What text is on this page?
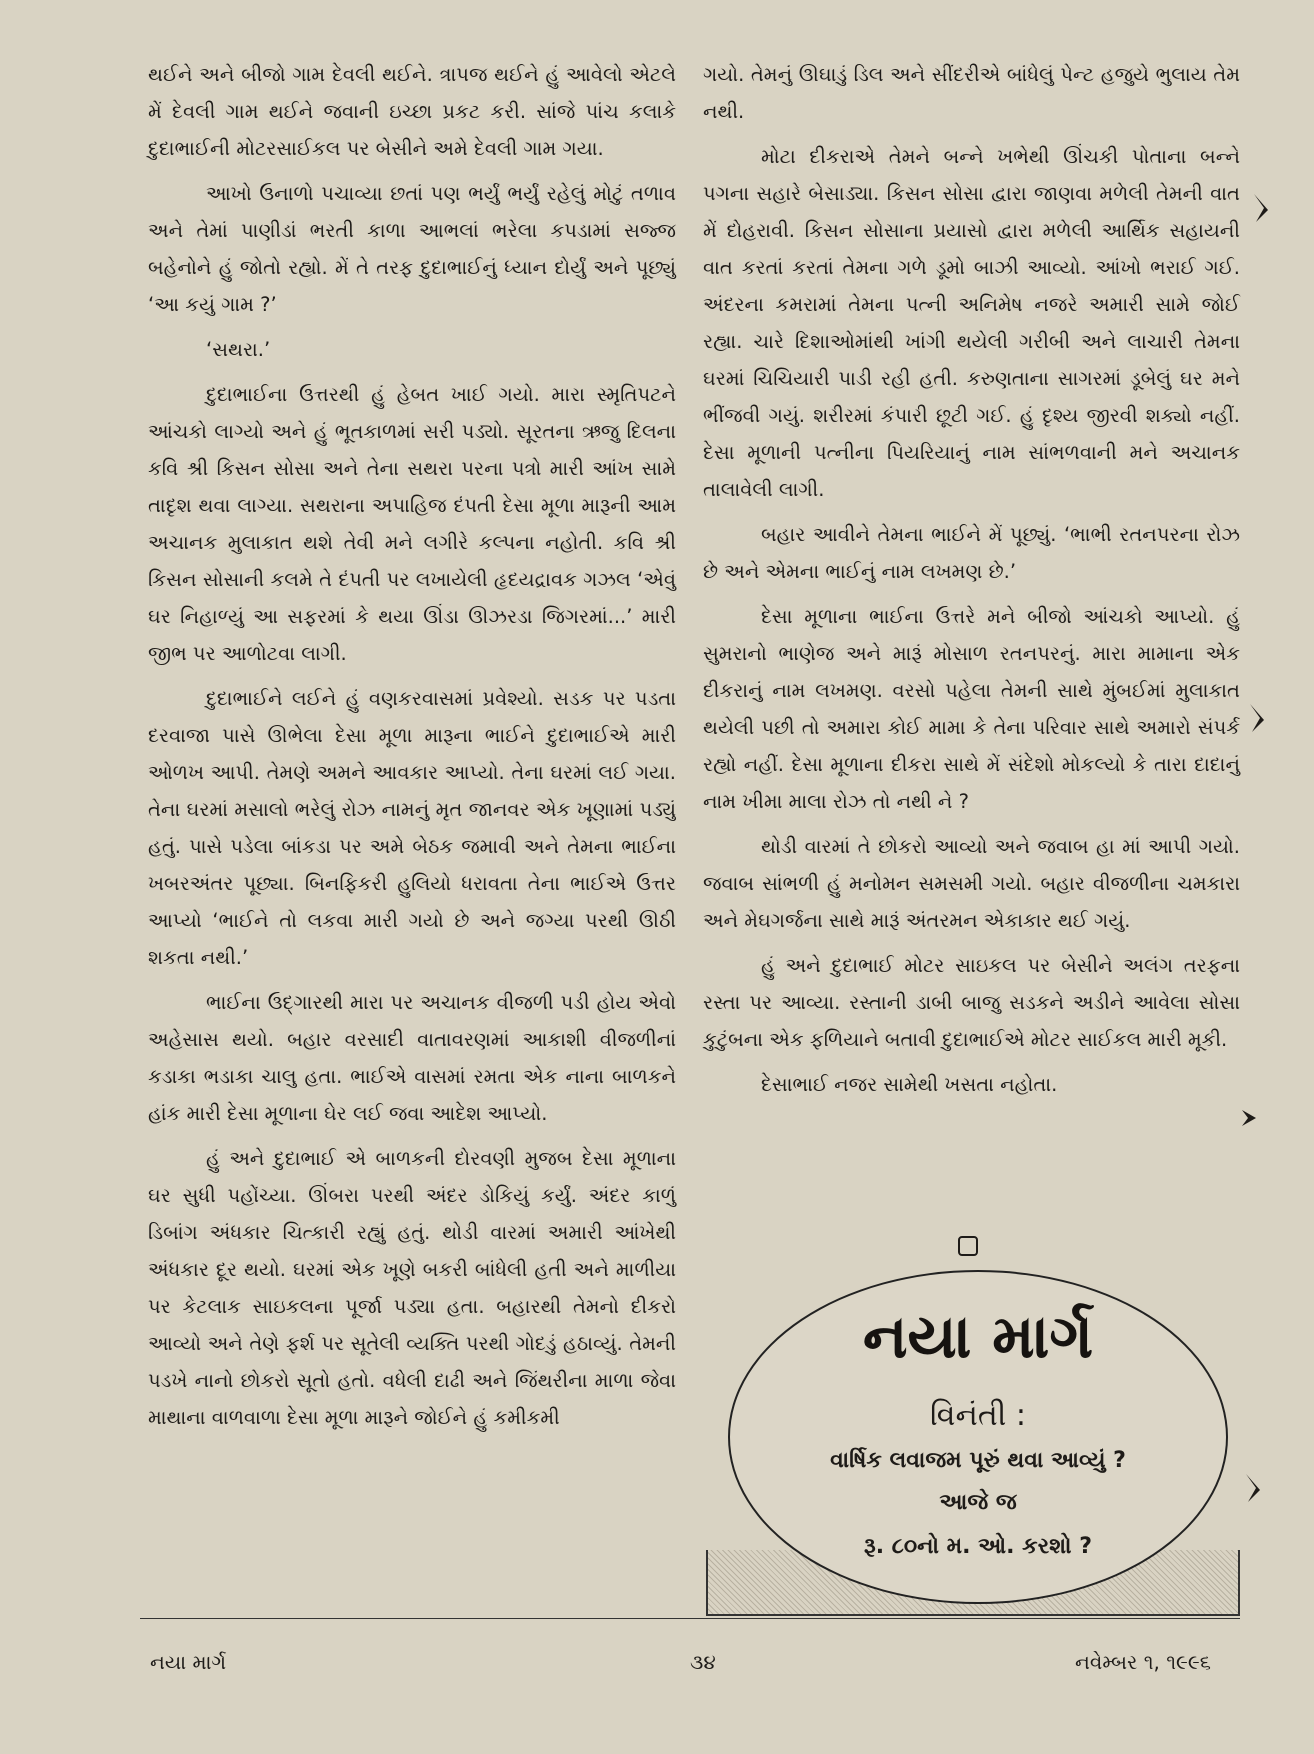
થઈને અને બીજો ગામ દેવલી થઈને. ત્રાપજ થઈને હું આવેલો એટલે મેં દેવલી ગામ થઈને જવાની ઇચ્છા પ્રકટ કરી. સાંજે પાંચ કલાકે દુદાભાઈની મોટરસાઈકલ પર બેસીને અમે દેવલી ગામ ગયા.

આખો ઉનાળો પચાવ્યા છતાં પણ ભર્યું ભર્યું રહેલું મોટું તળાવ અને તેમાં પાણીડાં ભરતી કાળા આભલાં ભરેલા કપડામાં સજ્જ બહેનોને હું જોતો રહ્યો. મેં તે તરફ દુદાભાઈનું ધ્યાન દોર્યું અને પૂછ્યું ‘આ કયું ગામ ?’

‘સથરા.’

દુદાભાઈના ઉત્તરથી હું હેબત ખાઈ ગયો. મારા સ્મૃતિપટને આંચકો લાગ્યો અને હું ભૂતકાળમાં સરી પડ્યો. સૂરતના ઋજુ દિલના કવિ શ્રી કિસન સોસા અને તેના સથરા પરના પત્રો મારી આંખ સામે તાદૃશ થવા લાગ્યા. સથરાના અપાહિજ દંપતી દેસા મૂળા મારૂની આમ અચાનક મુલાકાત થશે તેવી મને લગીરે કલ્પના નહોતી. કવિ શ્રી કિસન સોસાની કલમે તે દંપતી પર લખાયેલી હૃદયદ્રાવક ગઝલ ‘એવું ઘર નિહાળ્યું આ સફરમાં કે થયા ઊંડા ઊઝરડા જિગરમાં...’ મારી જીભ પર આળોટવા લાગી.

દુદાભાઈને લઈને હું વણકરવાસમાં પ્રવેશ્યો. સડક પર પડતા દરવાજા પાસે ઊભેલા દેસા મૂળા મારૂના ભાઈને દુદાભાઈએ મારી ઓળખ આપી. તેમણે અમને આવકાર આપ્યો. તેના ઘરમાં લઈ ગયા. તેના ઘરમાં મસાલો ભરેલું રોઝ નામનું મૃત જાનવર એક ખૂણામાં પડ્યું હતું. પાસે પડેલા બાંકડા પર અમે બેઠક જમાવી અને તેમના ભાઈના ખબરઅંતર પૂછ્યા. બિનફિકરી હુલિયો ધરાવતા તેના ભાઈએ ઉત્તર આપ્યો ‘ભાઈને તો લકવા મારી ગયો છે અને જગ્યા પરથી ઊઠી શકતા નથી.’

ભાઈના ઉદ્‌ગારથી મારા પર અચાનક વીજળી પડી હોય એવો અહેસાસ થયો. બહાર વરસાદી વાતાવરણમાં આકાશી વીજળીનાં કડાકા ભડાકા ચાલુ હતા. ભાઈએ વાસમાં રમતા એક નાના બાળકને હાંક મારી દેસા મૂળાના ઘેર લઈ જવા આદેશ આપ્યો.

હું અને દુદાભાઈ એ બાળકની દોરવણી મુજબ દેસા મૂળાના ઘર સુધી પહોંચ્યા. ઊંબરા પરથી અંદર ડોકિયું કર્યું. અંદર કાળું ડિબાંગ અંધકાર ચિત્કારી રહ્યું હતું. થોડી વારમાં અમારી આંખેથી અંધકાર દૂર થયો. ઘરમાં એક ખૂણે બકરી બાંધેલી હતી અને માળીયા પર કેટલાક સાઇકલના પૂર્જા પડ્યા હતા. બહારથી તેમનો દીકરો આવ્યો અને તેણે ફર્શ પર સૂતેલી વ્યક્તિ પરથી ગોદડું હઠાવ્યું. તેમની પડખે નાનો છોકરો સૂતો હતો. વધેલી દાઢી અને જિંથરીના માળા જેવા માથાના વાળવાળા દેસા મૂળા મારૂને જોઈને હું કમીકમી

ગયો. તેમનું ઊઘાડું ડિલ અને સીંદરીએ બાંધેલું પેન્ટ હજુયે ભુલાય તેમ નથી.

મોટા દીકરાએ તેમને બન્ને ખભેથી ઊંચકી પોતાના બન્ને પગના સહારે બેસાડ્યા. કિસન સોસા દ્વારા જાણવા મળેલી તેમની વાત મેં દોહરાવી. કિસન સોસાના પ્રયાસો દ્વારા મળેલી આર્થિક સહાયની વાત કરતાં કરતાં તેમના ગળે ડૂમો બાઝી આવ્યો. આંખો ભરાઈ ગઈ. અંદરના કમરામાં તેમના પત્ની અનિમેષ નજરે અમારી સામે જોઈ રહ્યા. ચારે દિશાઓમાંથી ખાંગી થયેલી ગરીબી અને લાચારી તેમના ઘરમાં ચિચિયારી પાડી રહી હતી. કરુણતાના સાગરમાં ડૂબેલું ઘર મને ભીંજવી ગયું. શરીરમાં કંપારી છૂટી ગઈ. હું દૃશ્ય જીરવી શક્યો નહીં. દેસા મૂળાની પત્નીના પિયરિયાનું નામ સાંભળવાની મને અચાનક તાલાવેલી લાગી.

બહાર આવીને તેમના ભાઈને મેં પૂછ્યું. ‘ભાભી રતનપરના રોઝ છે અને એમના ભાઈનું નામ લખમણ છે.’

દેસા મૂળાના ભાઈના ઉત્તરે મને બીજો આંચકો આપ્યો. હું સુમરાનો ભાણેજ અને મારૂં મોસાળ રતનપરનું. મારા મામાના એક દીકરાનું નામ લખમણ. વરસો પહેલા તેમની સાથે મુંબઈમાં મુલાકાત થયેલી પછી તો અમારા કોઈ મામા કે તેના પરિવાર સાથે અમારો સંપર્ક રહ્યો નહીં. દેસા મૂળાના દીકરા સાથે મેં સંદેશો મોકલ્યો કે તારા દાદાનું નામ ખીમા માલા રોઝ તો નથી ને ?

થોડી વારમાં તે છોકરો આવ્યો અને જવાબ હા માં આપી ગયો. જવાબ સાંભળી હું મનોમન સમસમી ગયો. બહાર વીજળીના ચમકારા અને મેઘગર્જના સાથે મારૂં અંતરમન એકાકાર થઈ ગયું.

હું અને દુદાભાઈ મોટર સાઇકલ પર બેસીને અલંગ તરફના રસ્તા પર આવ્યા. રસ્તાની ડાબી બાજુ સડકને અડીને આવેલા સોસા કુટુંબના એક ફળિયાને બતાવી દુદાભાઈએ મોટર સાઈકલ મારી મૂકી.

દેસાભાઈ નજર સામેથી ખસતા નહોતા.

નયા માર્ગ
વિનંતી :
વાર્ષિક લવાજમ પૂરું થવા આવ્યું ?
આજે જ
રૂ. ૮૦નો મ. ઓ. કરશો ?
નયા માર્ગ	૩૪	નવેમ્બર ૧, ૧૯૯૬
